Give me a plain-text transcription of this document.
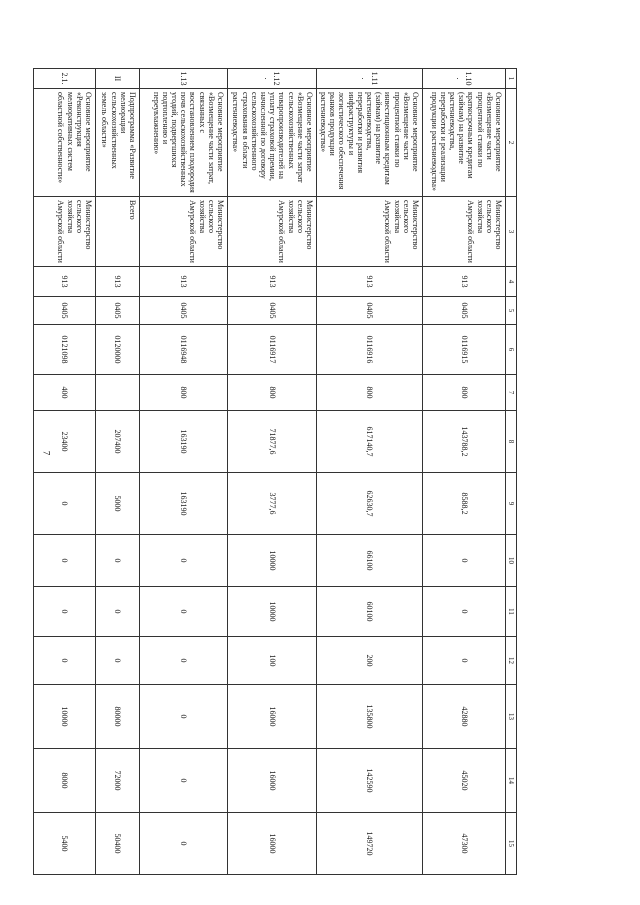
7
1	2	3	4	5	6	7	8	9	10	11	12	13	14	15
1.10.	Основное мероприятие «Возмещение части процентной ставки по краткосрочным кредитам (займам) на развитие растениеводства, переработки и реализации продукции растениеводства»	Министерство сельского хозяйства Амурской области	913	0405	0116915	800	143788,2	8588,2	0	0	0	42880	45020	47300
1.11.	Основное мероприятие «Возмещение части процентной ставки по инвестиционным кредитам (займам) на развитие растениеводства, переработки и развития инфраструктуры и логистического обеспечения рынков продукции растениеводства»	Министерство сельского хозяйства Амурской области	913	0405	0116916	800	617140,7	62630,7	66100	60100	200	135800	142590	149720
1.12.	Основное мероприятие «Возмещение части затрат сельскохозяйственных товаропроизводителей на уплату страховой премии, начисленной по договору сельскохозяйственного страхования в области растениеводства»	Министерство сельского хозяйства Амурской области	913	0405	0116917	800	71877,6	3777,6	10000	10000	100	16000	16000	16000
1.13	Основное мероприятие «Возмещение части затрат, связанных с восстановлением плодородия почв сельскохозяйственных угодий, подвергшихся подтоплению и переувлажнению»	Министерство сельского хозяйства Амурской области	913	0405	0116948	800	163190	163190	0	0	0	0	0	0
II	Подпрограмма «Развитие мелиорации сельскохозяйственных земель области»	Всего	913	0405	0120000		207400	5000	0	0	0	80000	72000	50400
2.1.	Основное мероприятие «Реконструкция мелиоративных систем областной собственности»	Министерство сельского хозяйства Амурской области	913	0405	0121098	400	23400	0	0	0	0	10000	8000	5400
